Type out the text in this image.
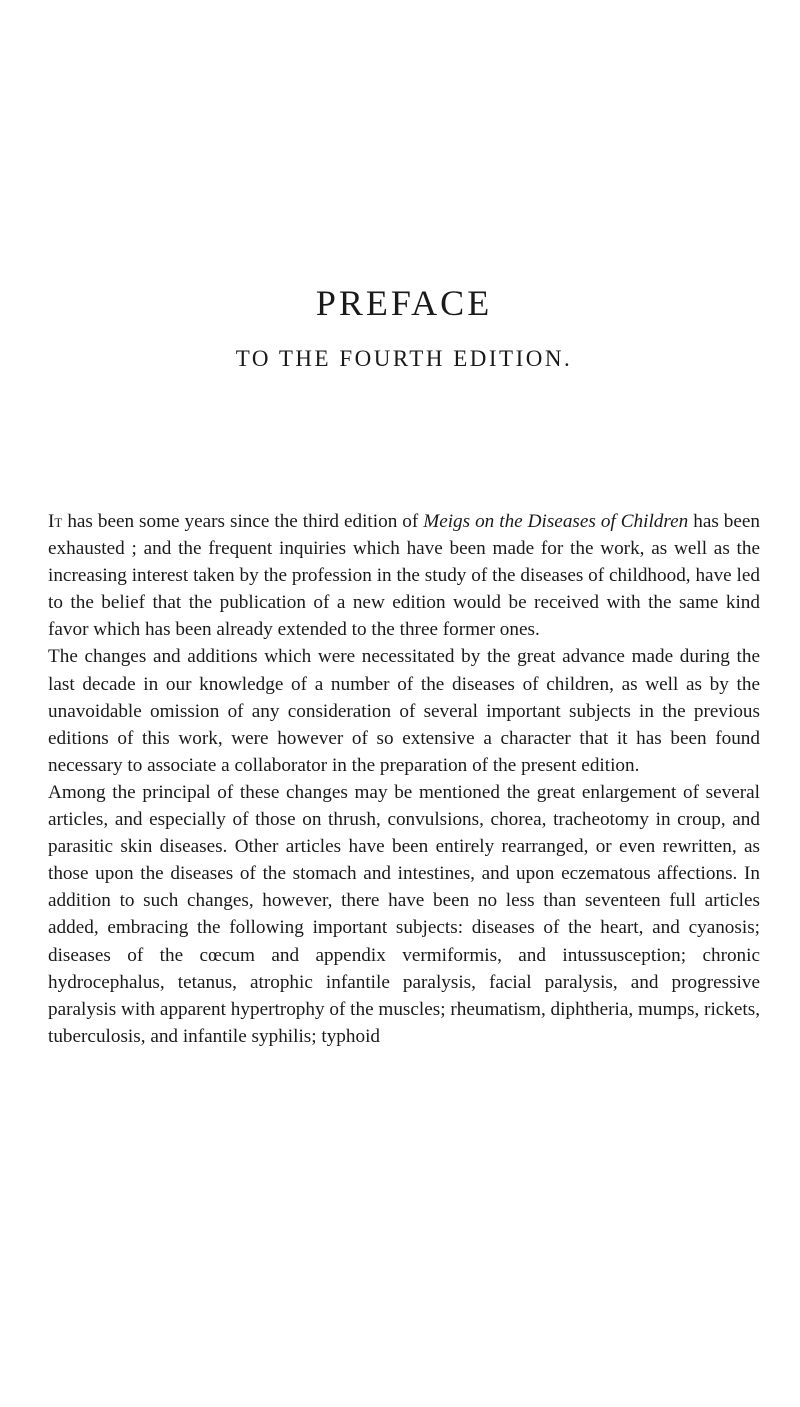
PREFACE
TO THE FOURTH EDITION.

It has been some years since the third edition of Meigs on the Diseases of Children has been exhausted ; and the frequent inquiries which have been made for the work, as well as the increasing interest taken by the profession in the study of the diseases of childhood, have led to the belief that the publication of a new edition would be received with the same kind favor which has been already extended to the three former ones.

The changes and additions which were necessitated by the great advance made during the last decade in our knowledge of a number of the diseases of children, as well as by the unavoidable omission of any consideration of several important subjects in the previous editions of this work, were however of so extensive a character that it has been found necessary to associate a collaborator in the preparation of the present edition.

Among the principal of these changes may be mentioned the great enlargement of several articles, and especially of those on thrush, convulsions, chorea, tracheotomy in croup, and parasitic skin diseases. Other articles have been entirely rearranged, or even rewritten, as those upon the diseases of the stomach and intestines, and upon eczematous affections. In addition to such changes, however, there have been no less than seventeen full articles added, embracing the following important subjects: diseases of the heart, and cyanosis; diseases of the cœcum and appendix vermiformis, and intussusception; chronic hydrocephalus, tetanus, atrophic infantile paralysis, facial paralysis, and progressive paralysis with apparent hypertrophy of the muscles; rheumatism, diphtheria, mumps, rickets, tuberculosis, and infantile syphilis; typhoid
